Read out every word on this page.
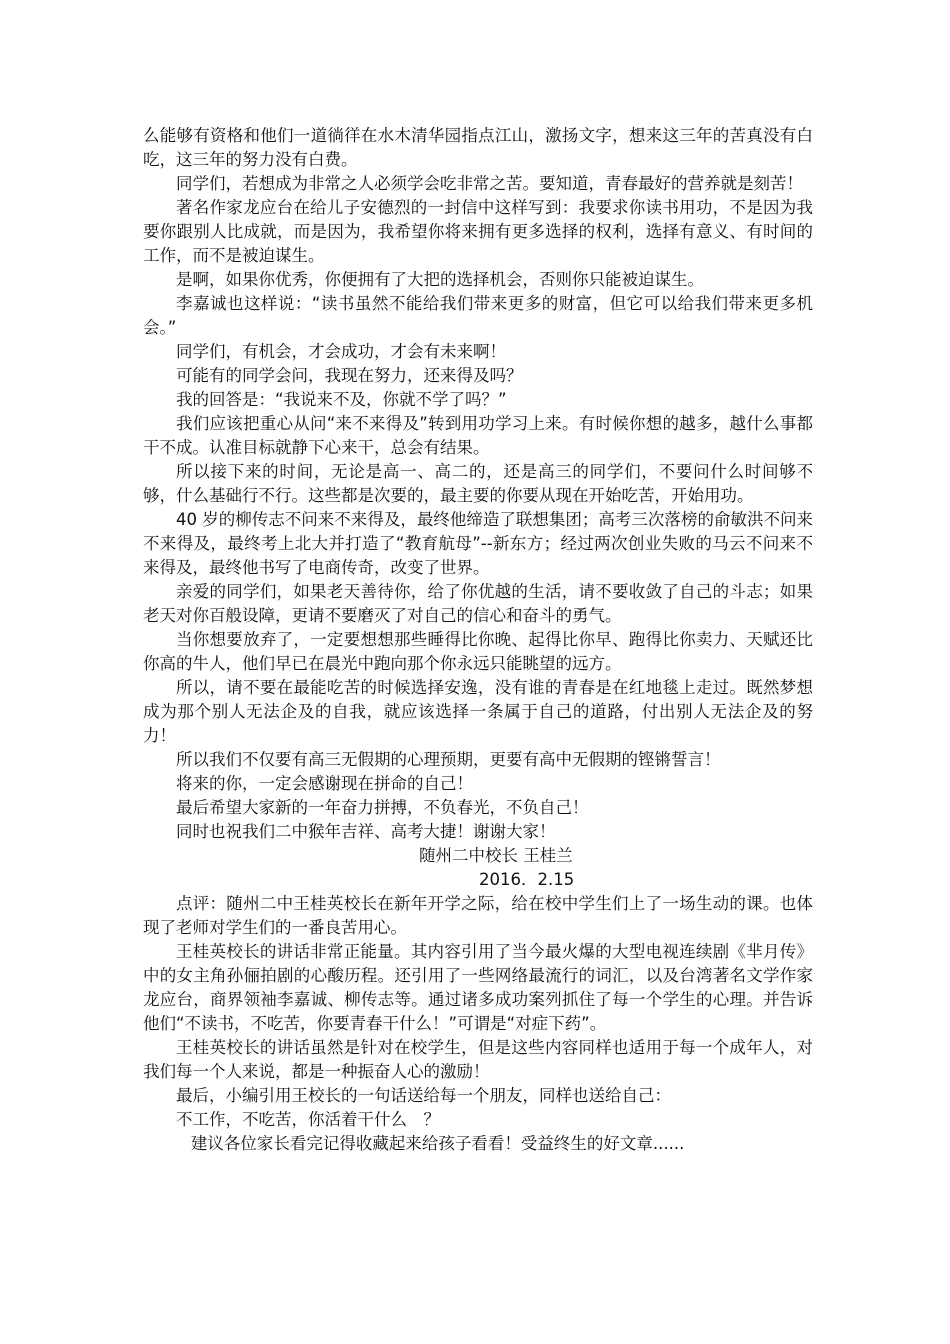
么能够有资格和他们一道徜徉在水木清华园指点江山，激扬文字，想来这三年的苦真没有白吃，这三年的努力没有白费。

同学们，若想成为非常之人必须学会吃非常之苦。要知道，青春最好的营养就是刻苦！

著名作家龙应台在给儿子安德烈的一封信中这样写到：我要求你读书用功，不是因为我要你跟别人比成就，而是因为，我希望你将来拥有更多选择的权利，选择有意义、有时间的工作，而不是被迫谋生。

是啊，如果你优秀，你便拥有了大把的选择机会，否则你只能被迫谋生。

李嘉诚也这样说：“读书虽然不能给我们带来更多的财富，但它可以给我们带来更多机会。”

同学们，有机会，才会成功，才会有未来啊！

可能有的同学会问，我现在努力，还来得及吗？

我的回答是：“我说来不及，你就不学了吗？”

我们应该把重心从问“来不来得及”转到用功学习上来。有时候你想的越多，越什么事都干不成。认准目标就静下心来干，总会有结果。

所以接下来的时间，无论是高一、高二的，还是高三的同学们，不要问什么时间够不够，什么基础行不行。这些都是次要的，最主要的你要从现在开始吃苦，开始用功。

40 岁的柳传志不问来不来得及，最终他缔造了联想集团；高考三次落榜的俞敏洪不问来不来得及，最终考上北大并打造了“教育航母”--新东方；经过两次创业失败的马云不问来不来得及，最终他书写了电商传奇，改变了世界。

亲爱的同学们，如果老天善待你，给了你优越的生活，请不要收敛了自己的斗志；如果老天对你百般设障，更请不要磨灭了对自己的信心和奋斗的勇气。

当你想要放弃了，一定要想想那些睡得比你晚、起得比你早、跑得比你卖力、天赋还比你高的牛人，他们早已在晨光中跑向那个你永远只能眺望的远方。

所以，请不要在最能吃苦的时候选择安逸，没有谁的青春是在红地毯上走过。既然梦想成为那个别人无法企及的自我，就应该选择一条属于自己的道路，付出别人无法企及的努力！

所以我们不仅要有高三无假期的心理预期，更要有高中无假期的铿锵誓言！

将来的你，一定会感谢现在拼命的自己！

最后希望大家新的一年奋力拼搏，不负春光，不负自己！

同时也祝我们二中猴年吉祥、高考大捷！谢谢大家！

随州二中校长 王桂兰

2016．2.15

点评：随州二中王桂英校长在新年开学之际，给在校中学生们上了一场生动的课。也体现了老师对学生们的一番良苦用心。

王桂英校长的讲话非常正能量。其内容引用了当今最火爆的大型电视连续剧《芈月传》中的女主角孙俪拍剧的心酸历程。还引用了一些网络最流行的词汇，以及台湾著名文学作家龙应台，商界领袖李嘉诚、柳传志等。通过诸多成功案列抓住了每一个学生的心理。并告诉他们“不读书，不吃苦，你要青春干什么！”可谓是“对症下药”。

王桂英校长的讲话虽然是针对在校学生，但是这些内容同样也适用于每一个成年人，对我们每一个人来说，都是一种振奋人心的激励！

最后，小编引用王校长的一句话送给每一个朋友，同样也送给自己：

不工作，不吃苦，你活着干什么　？

建议各位家长看完记得收藏起来给孩子看看！受益终生的好文章......
